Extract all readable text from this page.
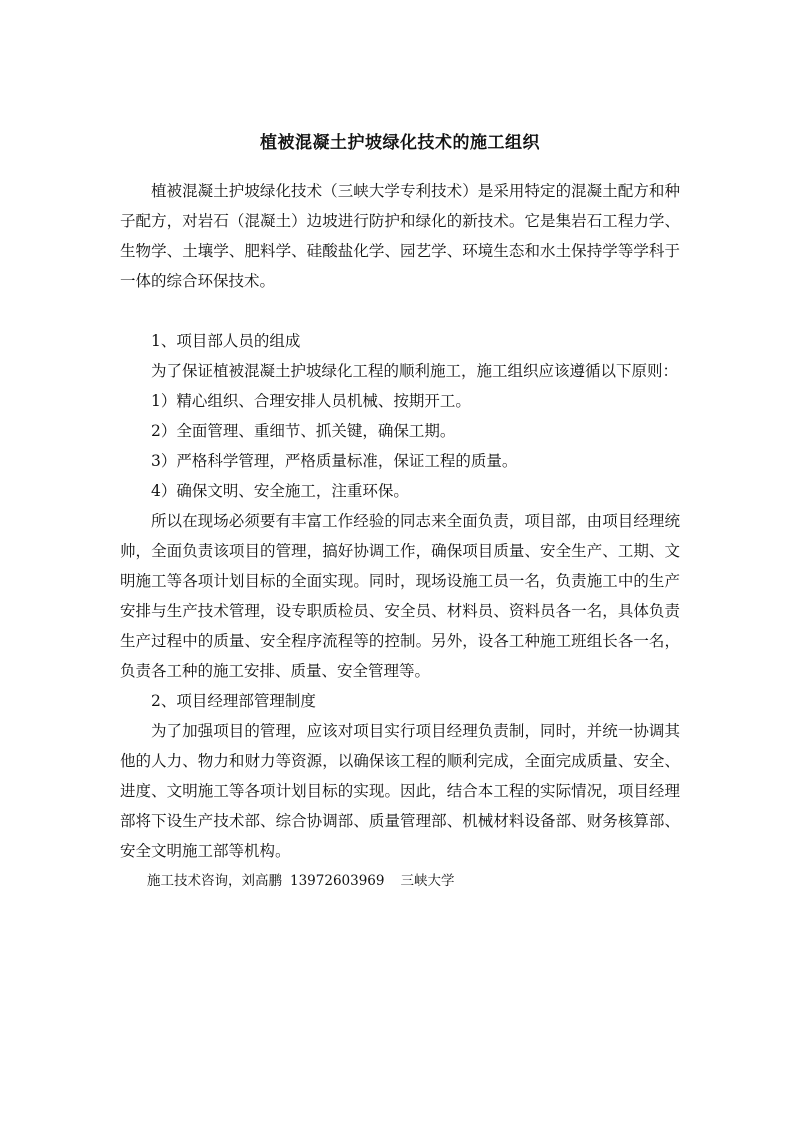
植被混凝土护坡绿化技术的施工组织

植被混凝土护坡绿化技术（三峡大学专利技术）是采用特定的混凝土配方和种子配方，对岩石（混凝土）边坡进行防护和绿化的新技术。它是集岩石工程力学、生物学、土壤学、肥料学、硅酸盐化学、园艺学、环境生态和水土保持学等学科于一体的综合环保技术。

1、项目部人员的组成

为了保证植被混凝土护坡绿化工程的顺利施工，施工组织应该遵循以下原则：

1）精心组织、合理安排人员机械、按期开工。

2）全面管理、重细节、抓关键，确保工期。

3）严格科学管理，严格质量标准，保证工程的质量。

4）确保文明、安全施工，注重环保。

所以在现场必须要有丰富工作经验的同志来全面负责，项目部，由项目经理统帅，全面负责该项目的管理，搞好协调工作，确保项目质量、安全生产、工期、文明施工等各项计划目标的全面实现。同时，现场设施工员一名，负责施工中的生产安排与生产技术管理，设专职质检员、安全员、材料员、资料员各一名，具体负责生产过程中的质量、安全程序流程等的控制。另外，设各工种施工班组长各一名，负责各工种的施工安排、质量、安全管理等。

2、项目经理部管理制度

为了加强项目的管理，应该对项目实行项目经理负责制，同时，并统一协调其他的人力、物力和财力等资源，以确保该工程的顺利完成，全面完成质量、安全、进度、文明施工等各项计划目标的实现。因此，结合本工程的实际情况，项目经理部将下设生产技术部、综合协调部、质量管理部、机械材料设备部、财务核算部、安全文明施工部等机构。

施工技术咨询，刘高鹏 13972603969 三峡大学
